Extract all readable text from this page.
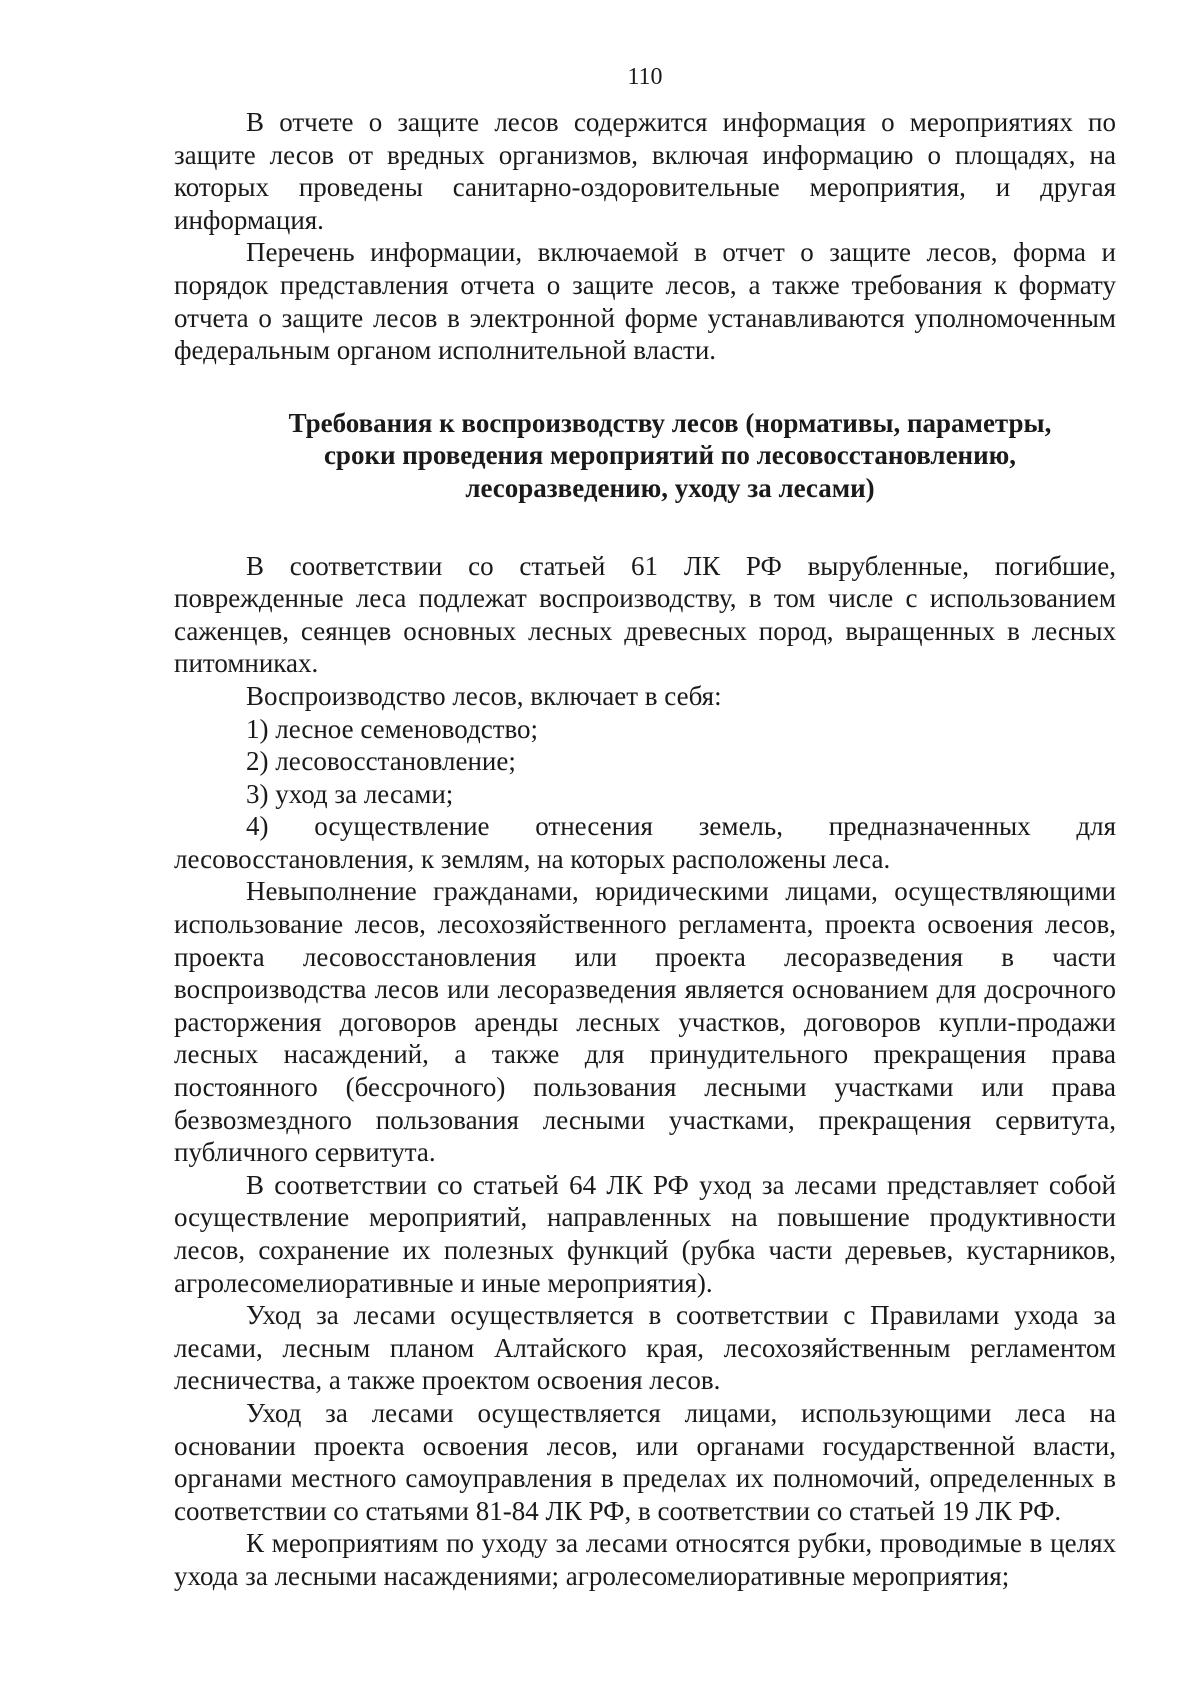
110

В отчете о защите лесов содержится информация о мероприятиях по защите лесов от вредных организмов, включая информацию о площадях, на которых проведены санитарно-оздоровительные мероприятия, и другая информация.

Перечень информации, включаемой в отчет о защите лесов, форма и порядок представления отчета о защите лесов, а также требования к формату отчета о защите лесов в электронной форме устанавливаются уполномоченным федеральным органом исполнительной власти.

Требования к воспроизводству лесов (нормативы, параметры,
сроки проведения мероприятий по лесовосстановлению,
лесоразведению, уходу за лесами)

В соответствии со статьей 61 ЛК РФ вырубленные, погибшие, поврежденные леса подлежат воспроизводству, в том числе с использованием саженцев, сеянцев основных лесных древесных пород, выращенных в лесных питомниках.

Воспроизводство лесов, включает в себя:

1) лесное семеноводство;

2) лесовосстановление;

3) уход за лесами;

4) осуществление отнесения земель, предназначенных для лесовосстановления, к землям, на которых расположены леса.

Невыполнение гражданами, юридическими лицами, осуществляющими использование лесов, лесохозяйственного регламента, проекта освоения лесов, проекта лесовосстановления или проекта лесоразведения в части воспроизводства лесов или лесоразведения является основанием для досрочного расторжения договоров аренды лесных участков, договоров купли-продажи лесных насаждений, а также для принудительного прекращения права постоянного (бессрочного) пользования лесными участками или права безвозмездного пользования лесными участками, прекращения сервитута, публичного сервитута.

В соответствии со статьей 64 ЛК РФ уход за лесами представляет собой осуществление мероприятий, направленных на повышение продуктивности лесов, сохранение их полезных функций (рубка части деревьев, кустарников, агролесомелиоративные и иные мероприятия).

Уход за лесами осуществляется в соответствии с Правилами ухода за лесами, лесным планом Алтайского края, лесохозяйственным регламентом лесничества, а также проектом освоения лесов.

Уход за лесами осуществляется лицами, использующими леса на основании проекта освоения лесов, или органами государственной власти, органами местного самоуправления в пределах их полномочий, определенных в соответствии со статьями 81-84 ЛК РФ, в соответствии со статьей 19 ЛК РФ.

К мероприятиям по уходу за лесами относятся рубки, проводимые в целях ухода за лесными насаждениями; агролесомелиоративные мероприятия;
